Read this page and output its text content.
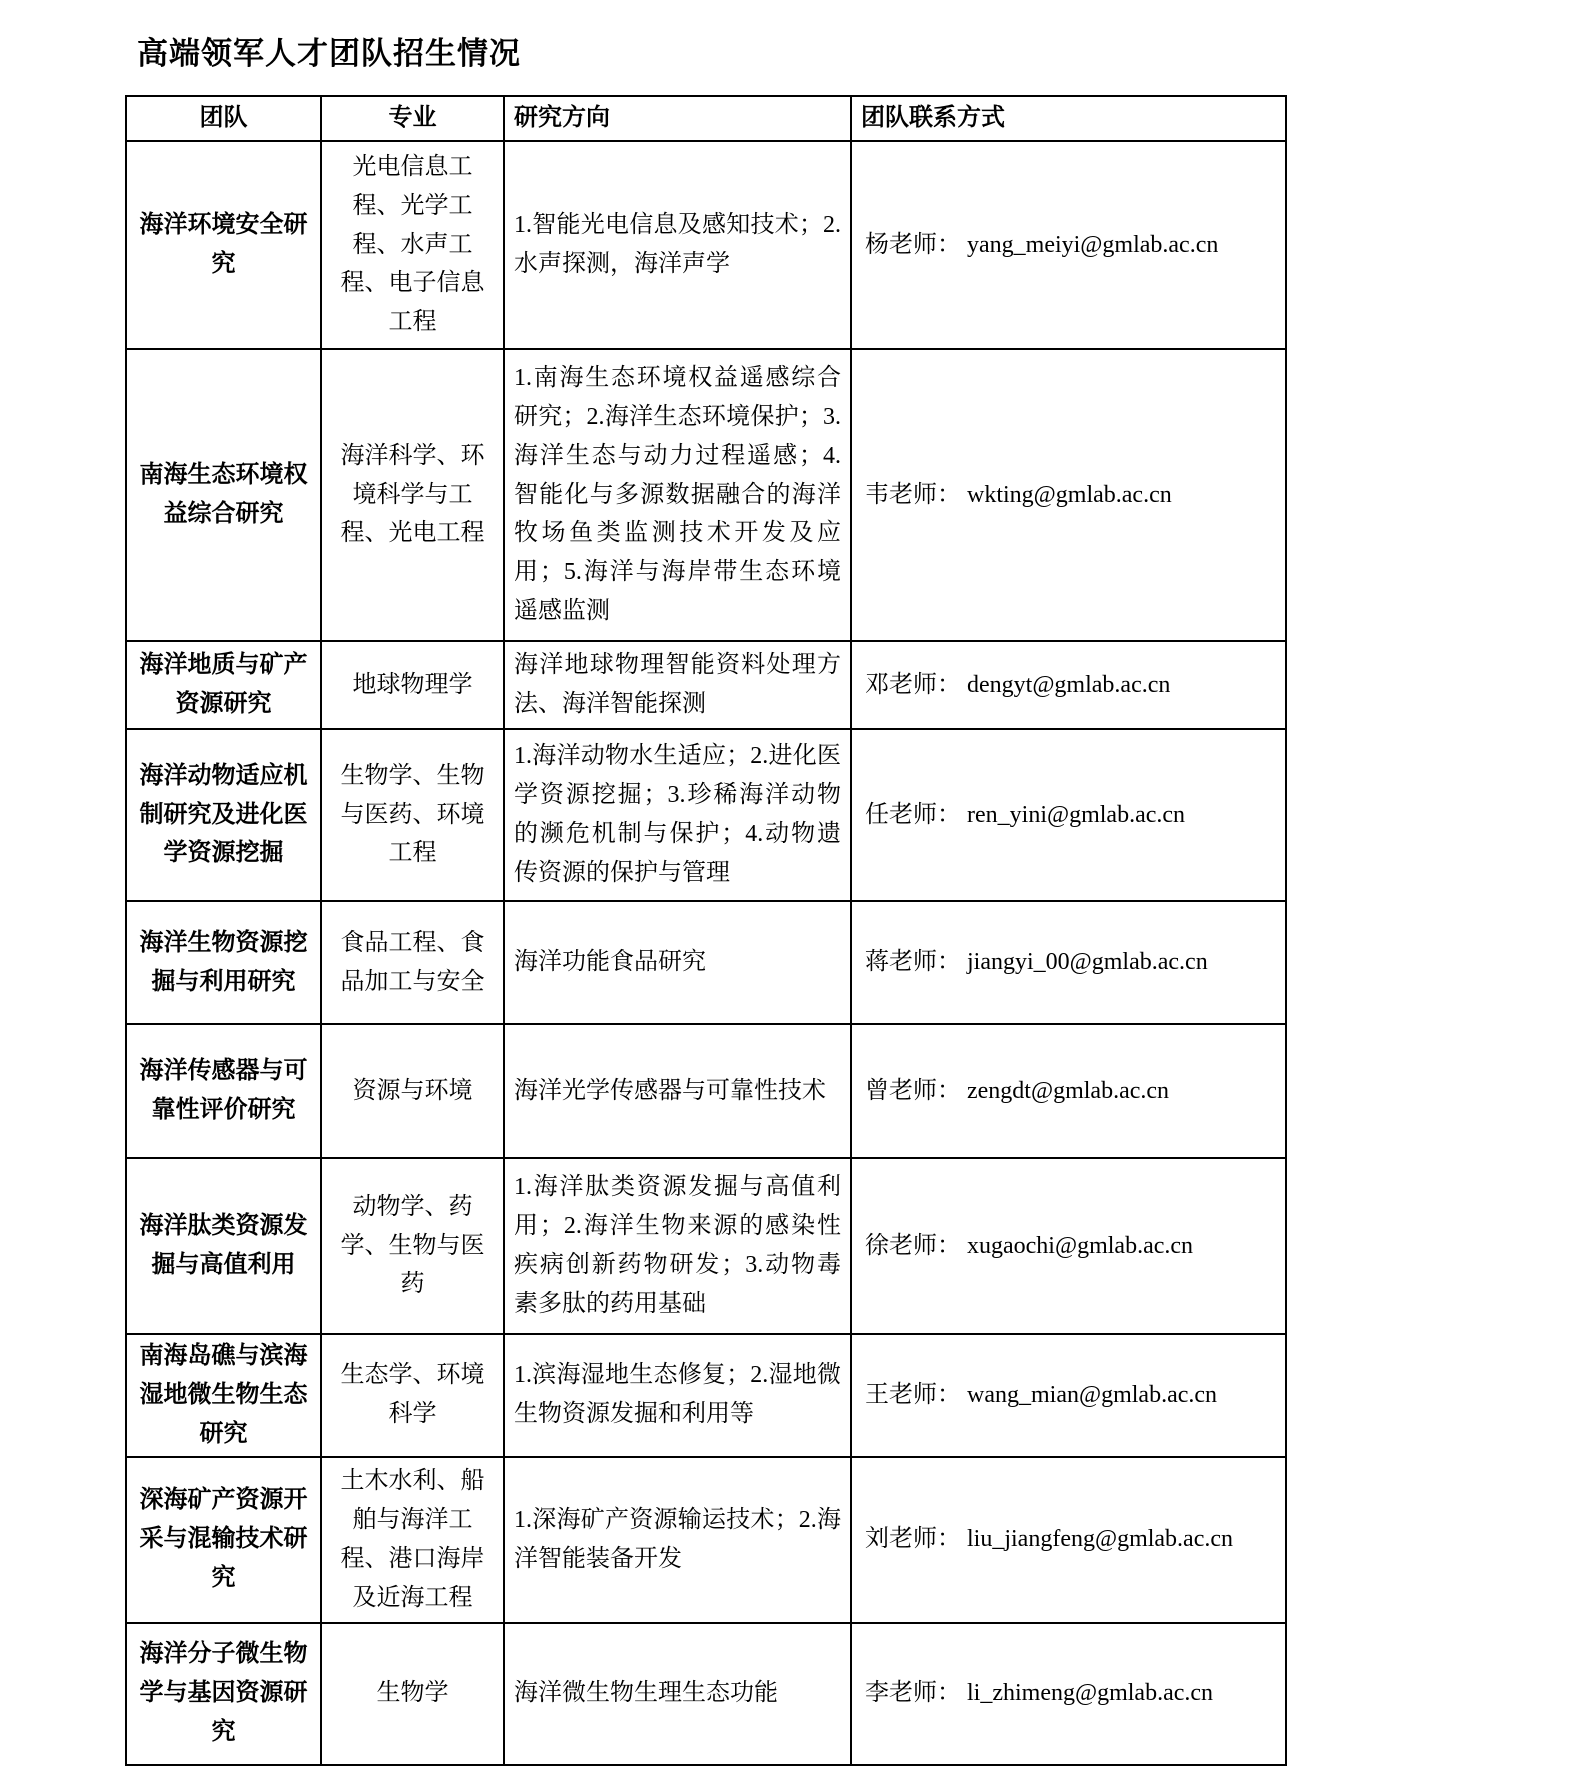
高端领军人才团队招生情况
团队	专业	研究方向	团队联系方式
海洋环境安全研究	光电信息工程、光学工程、水声工程、电子信息工程	1.智能光电信息及感知技术；2.水声探测，海洋声学	杨老师： yang_meiyi@gmlab.ac.cn
南海生态环境权益综合研究	海洋科学、环境科学与工程、光电工程	1.南海生态环境权益遥感综合研究；2.海洋生态环境保护；3.海洋生态与动力过程遥感；4.智能化与多源数据融合的海洋牧场鱼类监测技术开发及应用；5.海洋与海岸带生态环境遥感监测	韦老师： wkting@gmlab.ac.cn
海洋地质与矿产资源研究	地球物理学	海洋地球物理智能资料处理方法、海洋智能探测	邓老师： dengyt@gmlab.ac.cn
海洋动物适应机制研究及进化医学资源挖掘	生物学、生物与医药、环境工程	1.海洋动物水生适应；2.进化医学资源挖掘；3.珍稀海洋动物的濒危机制与保护；4.动物遗传资源的保护与管理	任老师： ren_yini@gmlab.ac.cn
海洋生物资源挖掘与利用研究	食品工程、食品加工与安全	海洋功能食品研究	蒋老师： jiangyi_00@gmlab.ac.cn
海洋传感器与可靠性评价研究	资源与环境	海洋光学传感器与可靠性技术	曾老师： zengdt@gmlab.ac.cn
海洋肽类资源发掘与高值利用	动物学、药学、生物与医药	1.海洋肽类资源发掘与高值利用；2.海洋生物来源的感染性疾病创新药物研发；3.动物毒素多肽的药用基础	徐老师： xugaochi@gmlab.ac.cn
南海岛礁与滨海湿地微生物生态研究	生态学、环境科学	1.滨海湿地生态修复；2.湿地微生物资源发掘和利用等	王老师： wang_mian@gmlab.ac.cn
深海矿产资源开采与混输技术研究	土木水利、船舶与海洋工程、港口海岸及近海工程	1.深海矿产资源输运技术；2.海洋智能装备开发	刘老师： liu_jiangfeng@gmlab.ac.cn
海洋分子微生物学与基因资源研究	生物学	海洋微生物生理生态功能	李老师： li_zhimeng@gmlab.ac.cn
